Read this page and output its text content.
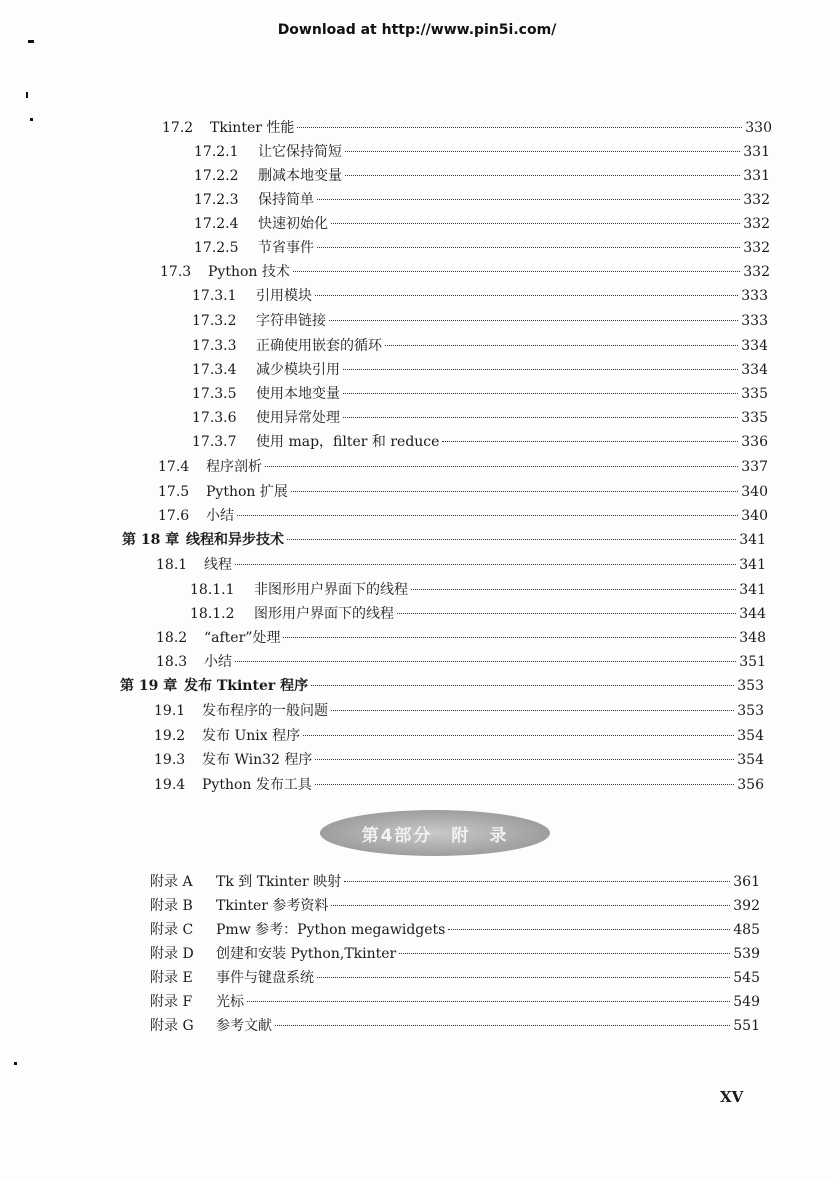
Download at http://www.pin5i.com/
17.2	Tkinter 性能	330
17.2.1	让它保持简短	331
17.2.2	删减本地变量	331
17.2.3	保持简单	332
17.2.4	快速初始化	332
17.2.5	节省事件	332
17.3	Python 技术	332
17.3.1	引用模块	333
17.3.2	字符串链接	333
17.3.3	正确使用嵌套的循环	334
17.3.4	减少模块引用	334
17.3.5	使用本地变量	335
17.3.6	使用异常处理	335
17.3.7	使用 map，filter 和 reduce	336
17.4	程序剖析	337
17.5	Python 扩展	340
17.6	小结	340
第 18 章 线程和异步技术	341
18.1	线程	341
18.1.1	非图形用户界面下的线程	341
18.1.2	图形用户界面下的线程	344
18.2	“after”处理	348
18.3	小结	351
第 19 章 发布 Tkinter 程序	353
19.1	发布程序的一般问题	353
19.2	发布 Unix 程序	354
19.3	发布 Win32 程序	354
19.4	Python 发布工具	356
第4部分　附　录
附录 A	Tk 到 Tkinter 映射	361
附录 B	Tkinter 参考资料	392
附录 C	Pmw 参考：Python megawidgets	485
附录 D	创建和安装 Python,Tkinter	539
附录 E	事件与键盘系统	545
附录 F	光标	549
附录 G	参考文献	551
XV
